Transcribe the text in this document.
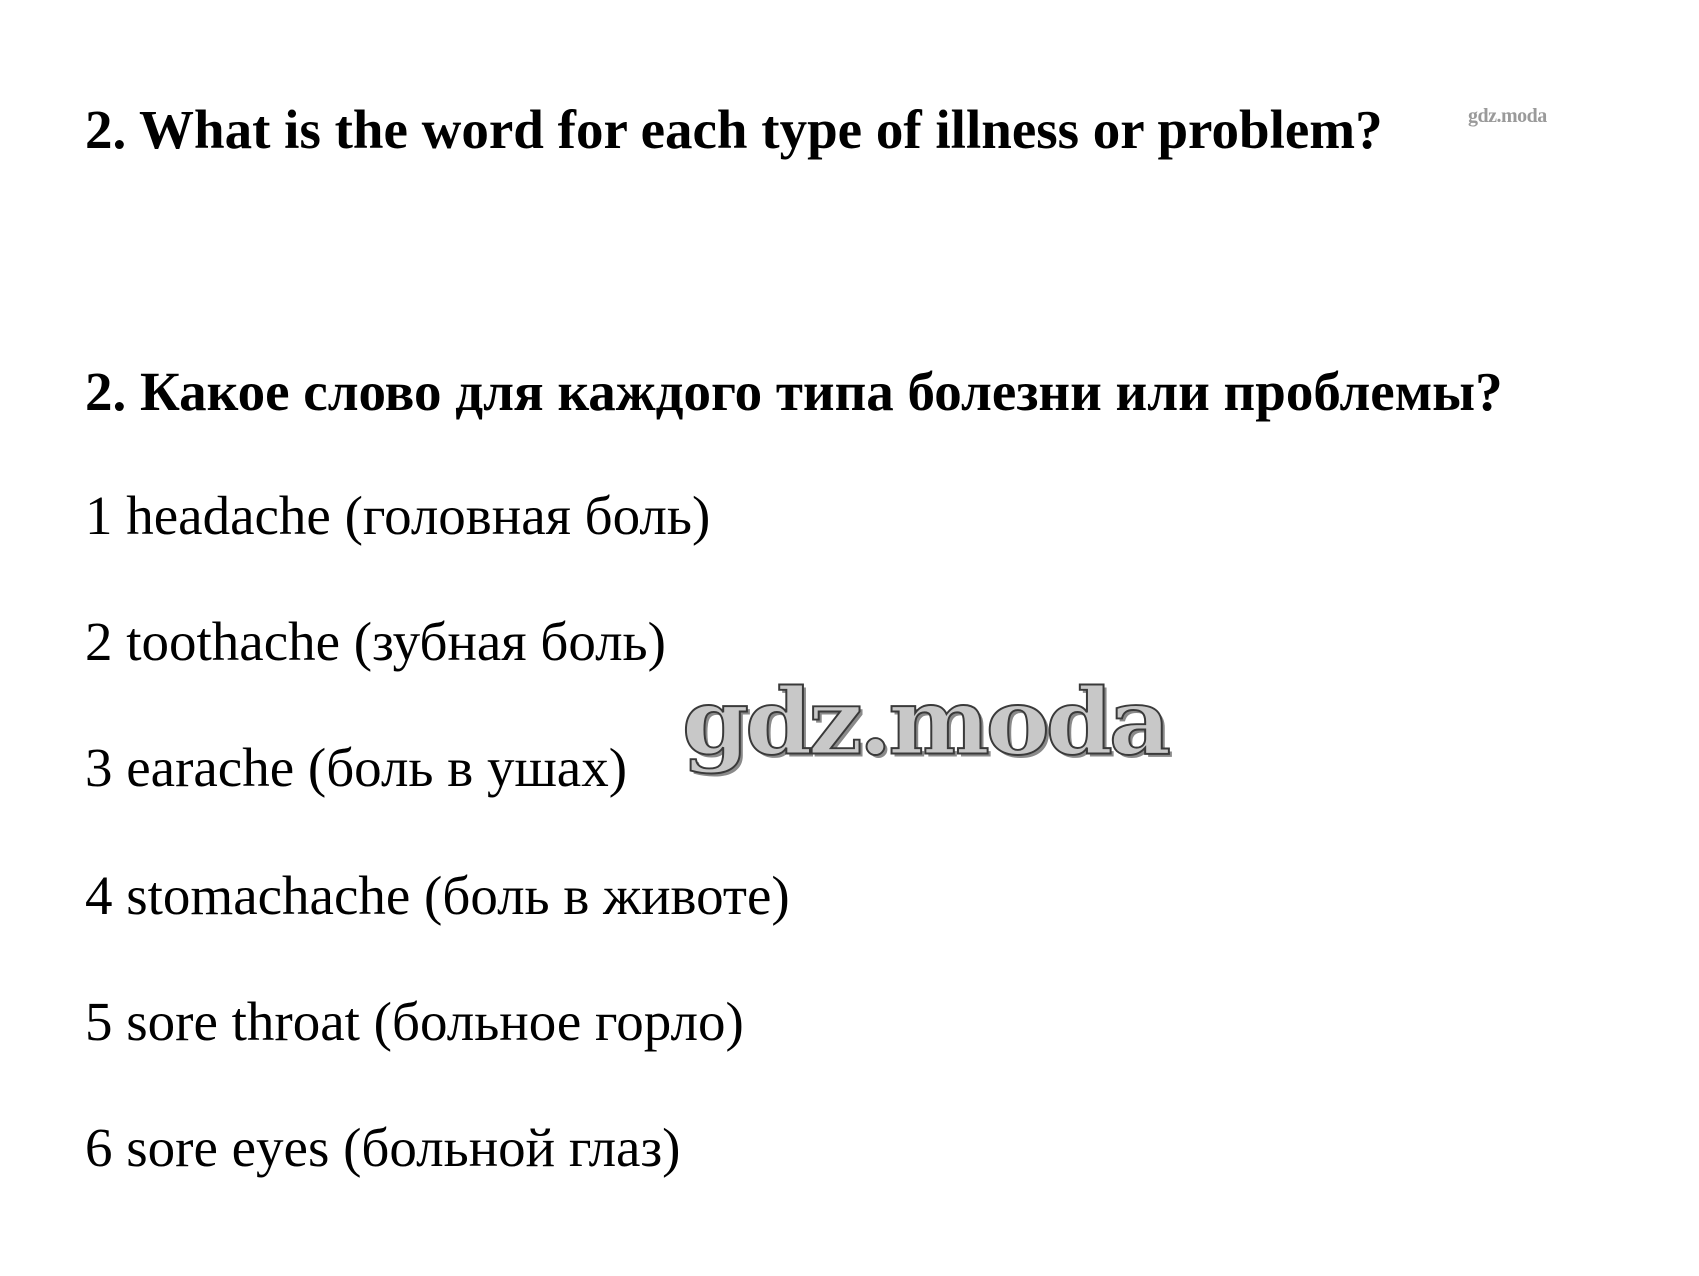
2. What is the word for each type of illness or problem?	gdz.moda
2. Какое слово для каждого типа болезни или проблемы?
1 headache (головная боль)
2 toothache (зубная боль)
3 earache (боль в ушах)
4 stomachache (боль в животе)
5 sore throat (больное горло)
6 sore eyes (больной глаз)
gdz.moda
